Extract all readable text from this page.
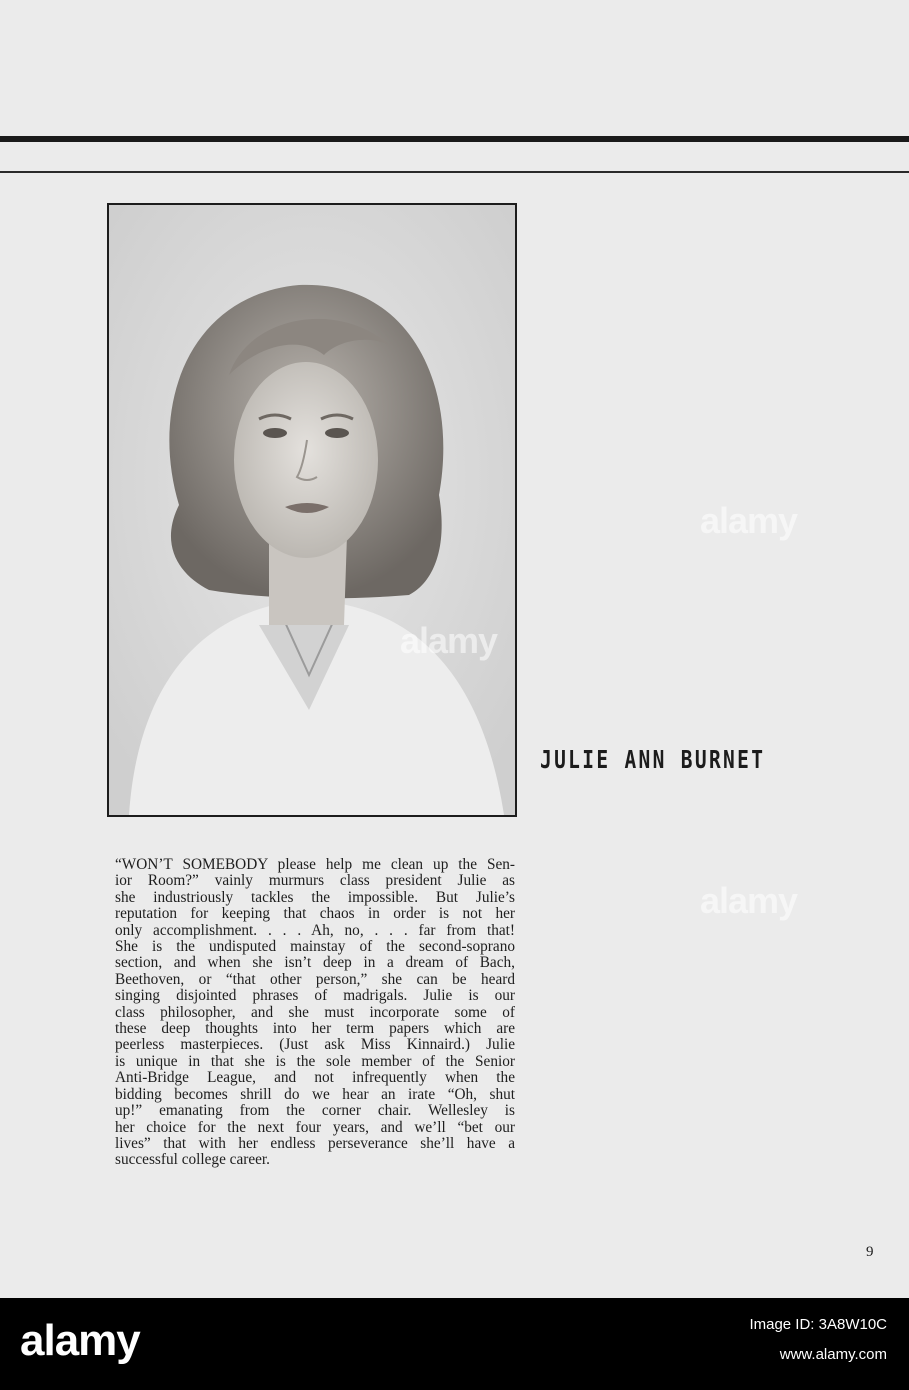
JULIE ANN BURNET
“WON’T SOMEBODY please help me clean up the Sen-
ior Room?” vainly murmurs class president Julie as
she industriously tackles the impossible. But Julie’s
reputation for keeping that chaos in order is not her
only accomplishment. . . . Ah, no, . . . far from that!
She is the undisputed mainstay of the second-soprano
section, and when she isn’t deep in a dream of Bach,
Beethoven, or “that other person,” she can be heard
singing disjointed phrases of madrigals. Julie is our
class philosopher, and she must incorporate some of
these deep thoughts into her term papers which are
peerless masterpieces. (Just ask Miss Kinnaird.) Julie
is unique in that she is the sole member of the Senior
Anti-Bridge League, and not infrequently when the
bidding becomes shrill do we hear an irate “Oh, shut
up!” emanating from the corner chair. Wellesley is
her choice for the next four years, and we’ll “bet our
lives” that with her endless perseverance she’ll have a
successful college career.
9
alamy
alamy
alamy
alamy	Image ID: 3A8W10C
www.alamy.com
